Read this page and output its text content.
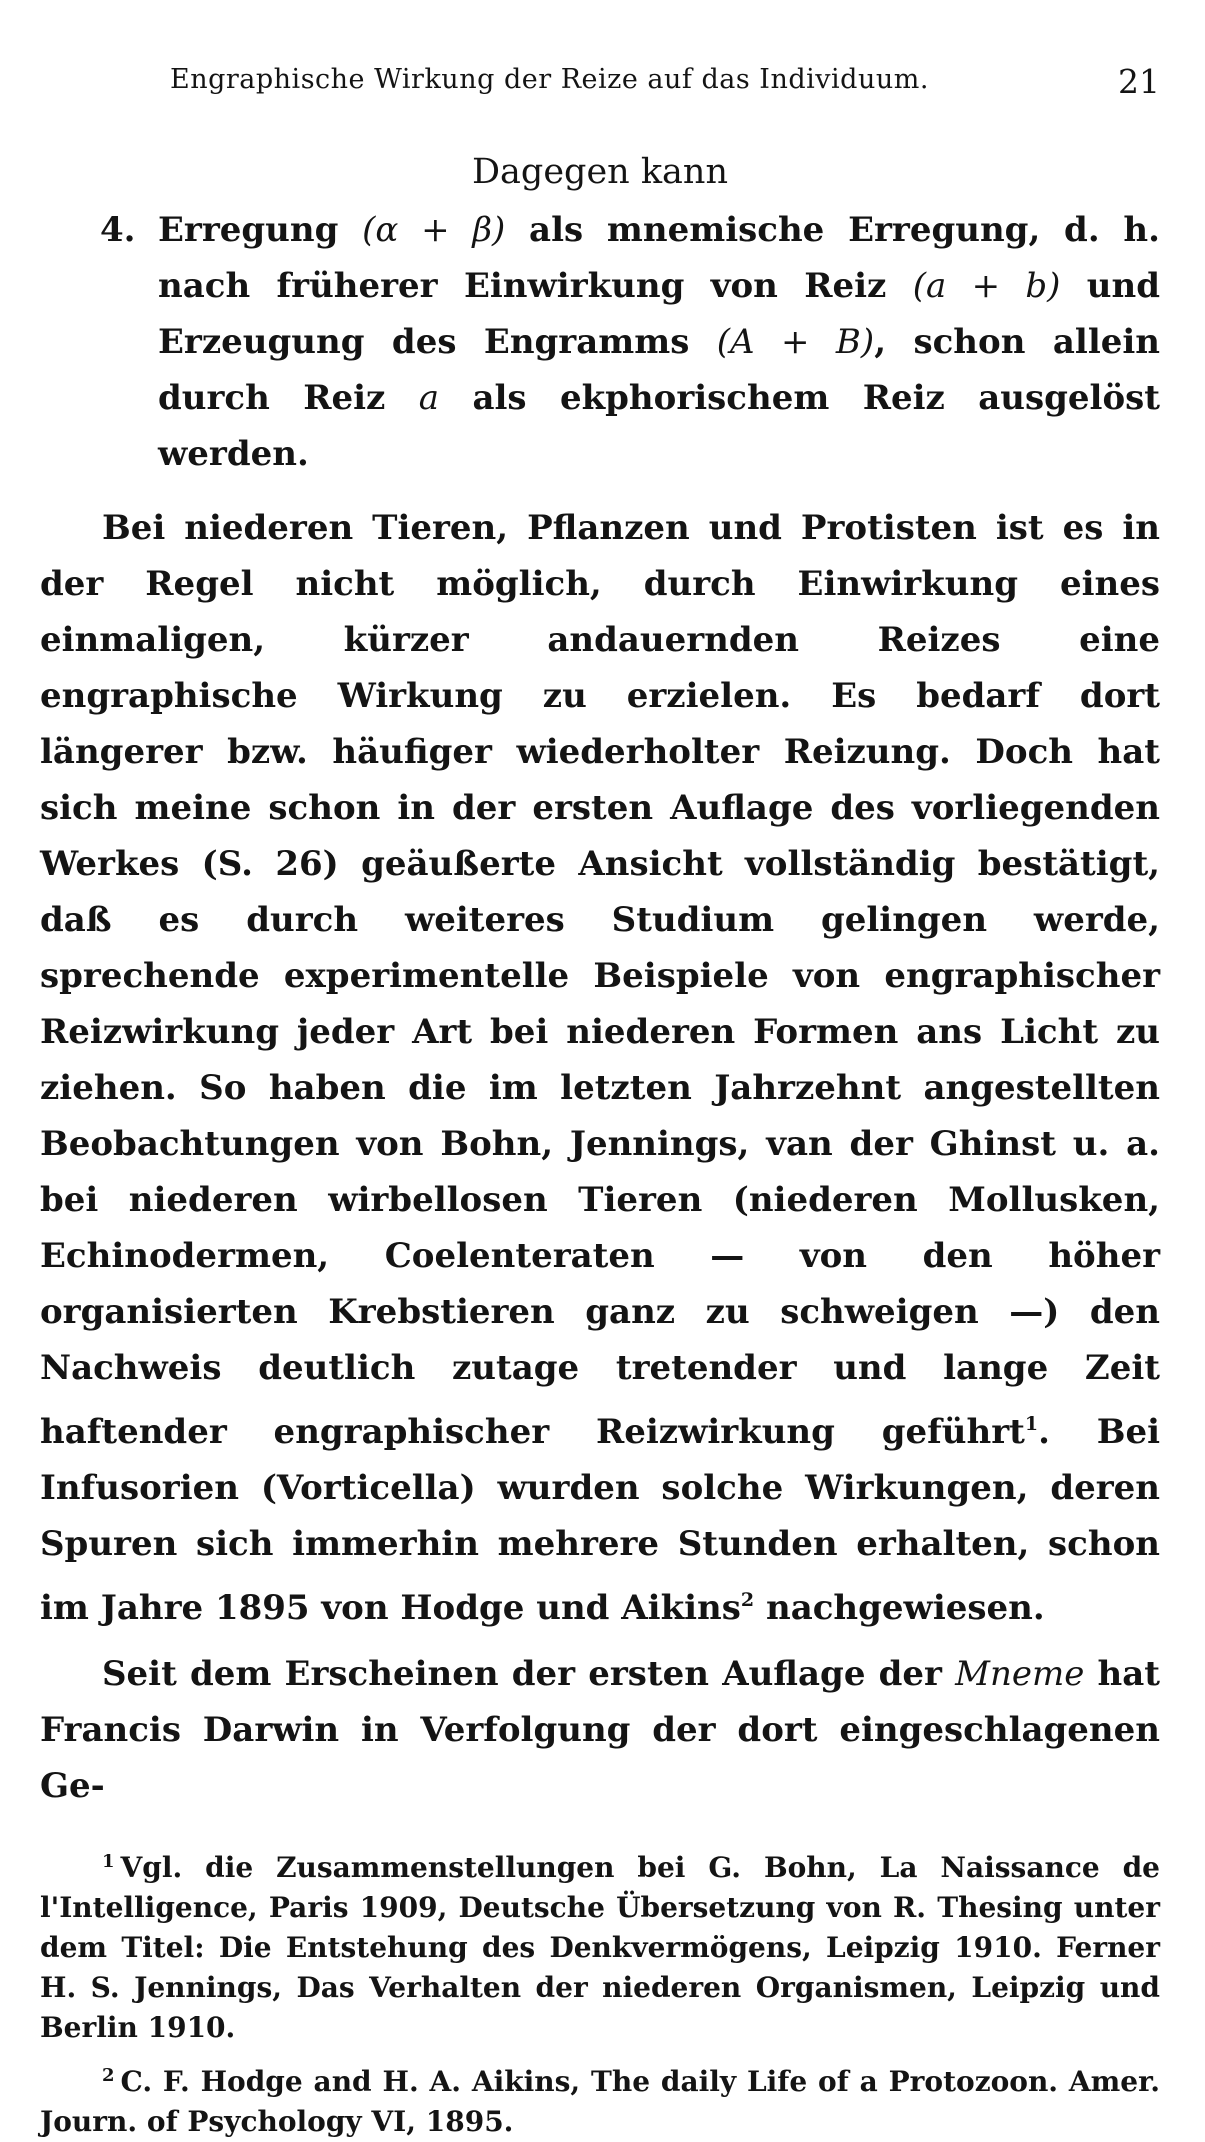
Engraphische Wirkung der Reize auf das Individuum.	21
Dagegen kann
4. Erregung (α + β) als mnemische Erregung, d. h. nach früherer Einwirkung von Reiz (a + b) und Erzeugung des Engramms (A + B), schon allein durch Reiz a als ekphorischem Reiz ausgelöst werden.

Bei niederen Tieren, Pflanzen und Protisten ist es in der Regel nicht möglich, durch Einwirkung eines einmaligen, kürzer andauernden Reizes eine engraphische Wirkung zu erzielen. Es bedarf dort längerer bzw. häufiger wiederholter Reizung. Doch hat sich meine schon in der ersten Auflage des vorliegenden Werkes (S. 26) geäußerte Ansicht vollständig bestätigt, daß es durch weiteres Studium gelingen werde, sprechende experimentelle Beispiele von engraphischer Reizwirkung jeder Art bei niederen Formen ans Licht zu ziehen. So haben die im letzten Jahrzehnt angestellten Beobachtungen von Bohn, Jennings, van der Ghinst u. a. bei niederen wirbellosen Tieren (niederen Mollusken, Echinodermen, Coelenteraten — von den höher organisierten Krebstieren ganz zu schweigen —) den Nachweis deutlich zutage tretender und lange Zeit haftender engraphischer Reizwirkung geführt$^1$. Bei Infusorien (Vorticella) wurden solche Wirkungen, deren Spuren sich immerhin mehrere Stunden erhalten, schon im Jahre 1895 von Hodge und Aikins$^2$ nachgewiesen.

Seit dem Erscheinen der ersten Auflage der Mneme hat Francis Darwin in Verfolgung der dort eingeschlagenen Ge-

$^1$ Vgl. die Zusammenstellungen bei G. Bohn, La Naissance de l'Intelligence, Paris 1909, Deutsche Übersetzung von R. Thesing unter dem Titel: Die Entstehung des Denkvermögens, Leipzig 1910. Ferner H. S. Jennings, Das Verhalten der niederen Organismen, Leipzig und Berlin 1910.
$^2$ C. F. Hodge and H. A. Aikins, The daily Life of a Protozoon. Amer. Journ. of Psychology VI, 1895.
